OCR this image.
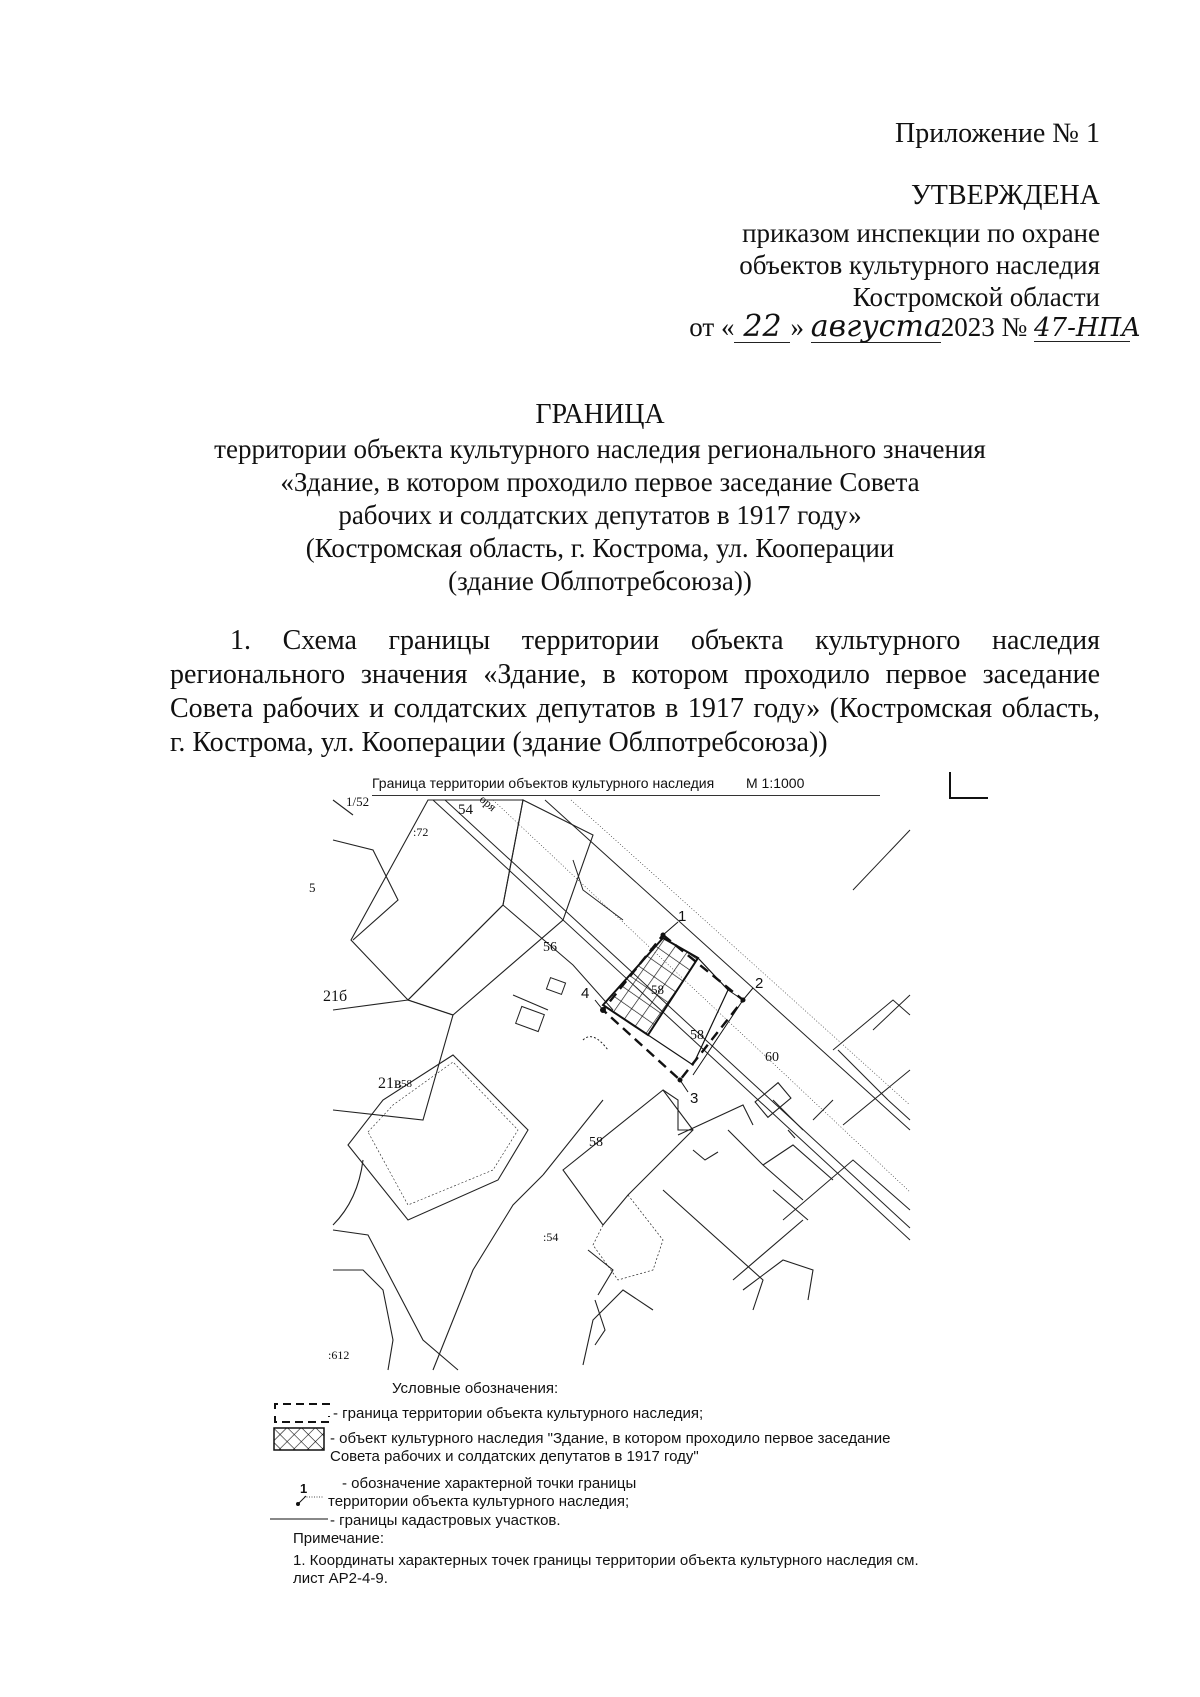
Приложение № 1
УТВЕРЖДЕНА
приказом инспекции по охране
объектов культурного наследия
Костромской области
от « 22 » августа2023 № 47-НПА
ГРАНИЦА
территории объекта культурного наследия регионального значения
«Здание, в котором проходило первое заседание Совета
рабочих и солдатских депутатов в 1917 году»
(Костромская область, г. Кострома, ул. Кооперации
(здание Облпотребсоюза))

1. Схема границы территории объекта культурного наследия регионального значения «Здание, в котором проходило первое заседание Совета рабочих и солдатских депутатов в 1917 году» (Костромская область, г. Кострома, ул. Кооперации (здание Облпотребсоюза))

Граница территории объектов культурного наследия М 1:1000
1/52	оря
5
54
:72
56
21б
21в
:58
58
58
58
60
:54
:612
1
2
3
4
Условные обозначения:
- граница территории объекта культурного наследия;
- объект культурного наследия "Здание, в котором проходило первое заседание
Совета рабочих и солдатских депутатов в 1917 году"
1 - обозначение характерной точки границы
территории объекта культурного наследия;
- границы кадастровых участков.
Примечание:
1. Координаты характерных точек границы территории объекта культурного наследия см.
лист АР2-4-9.
